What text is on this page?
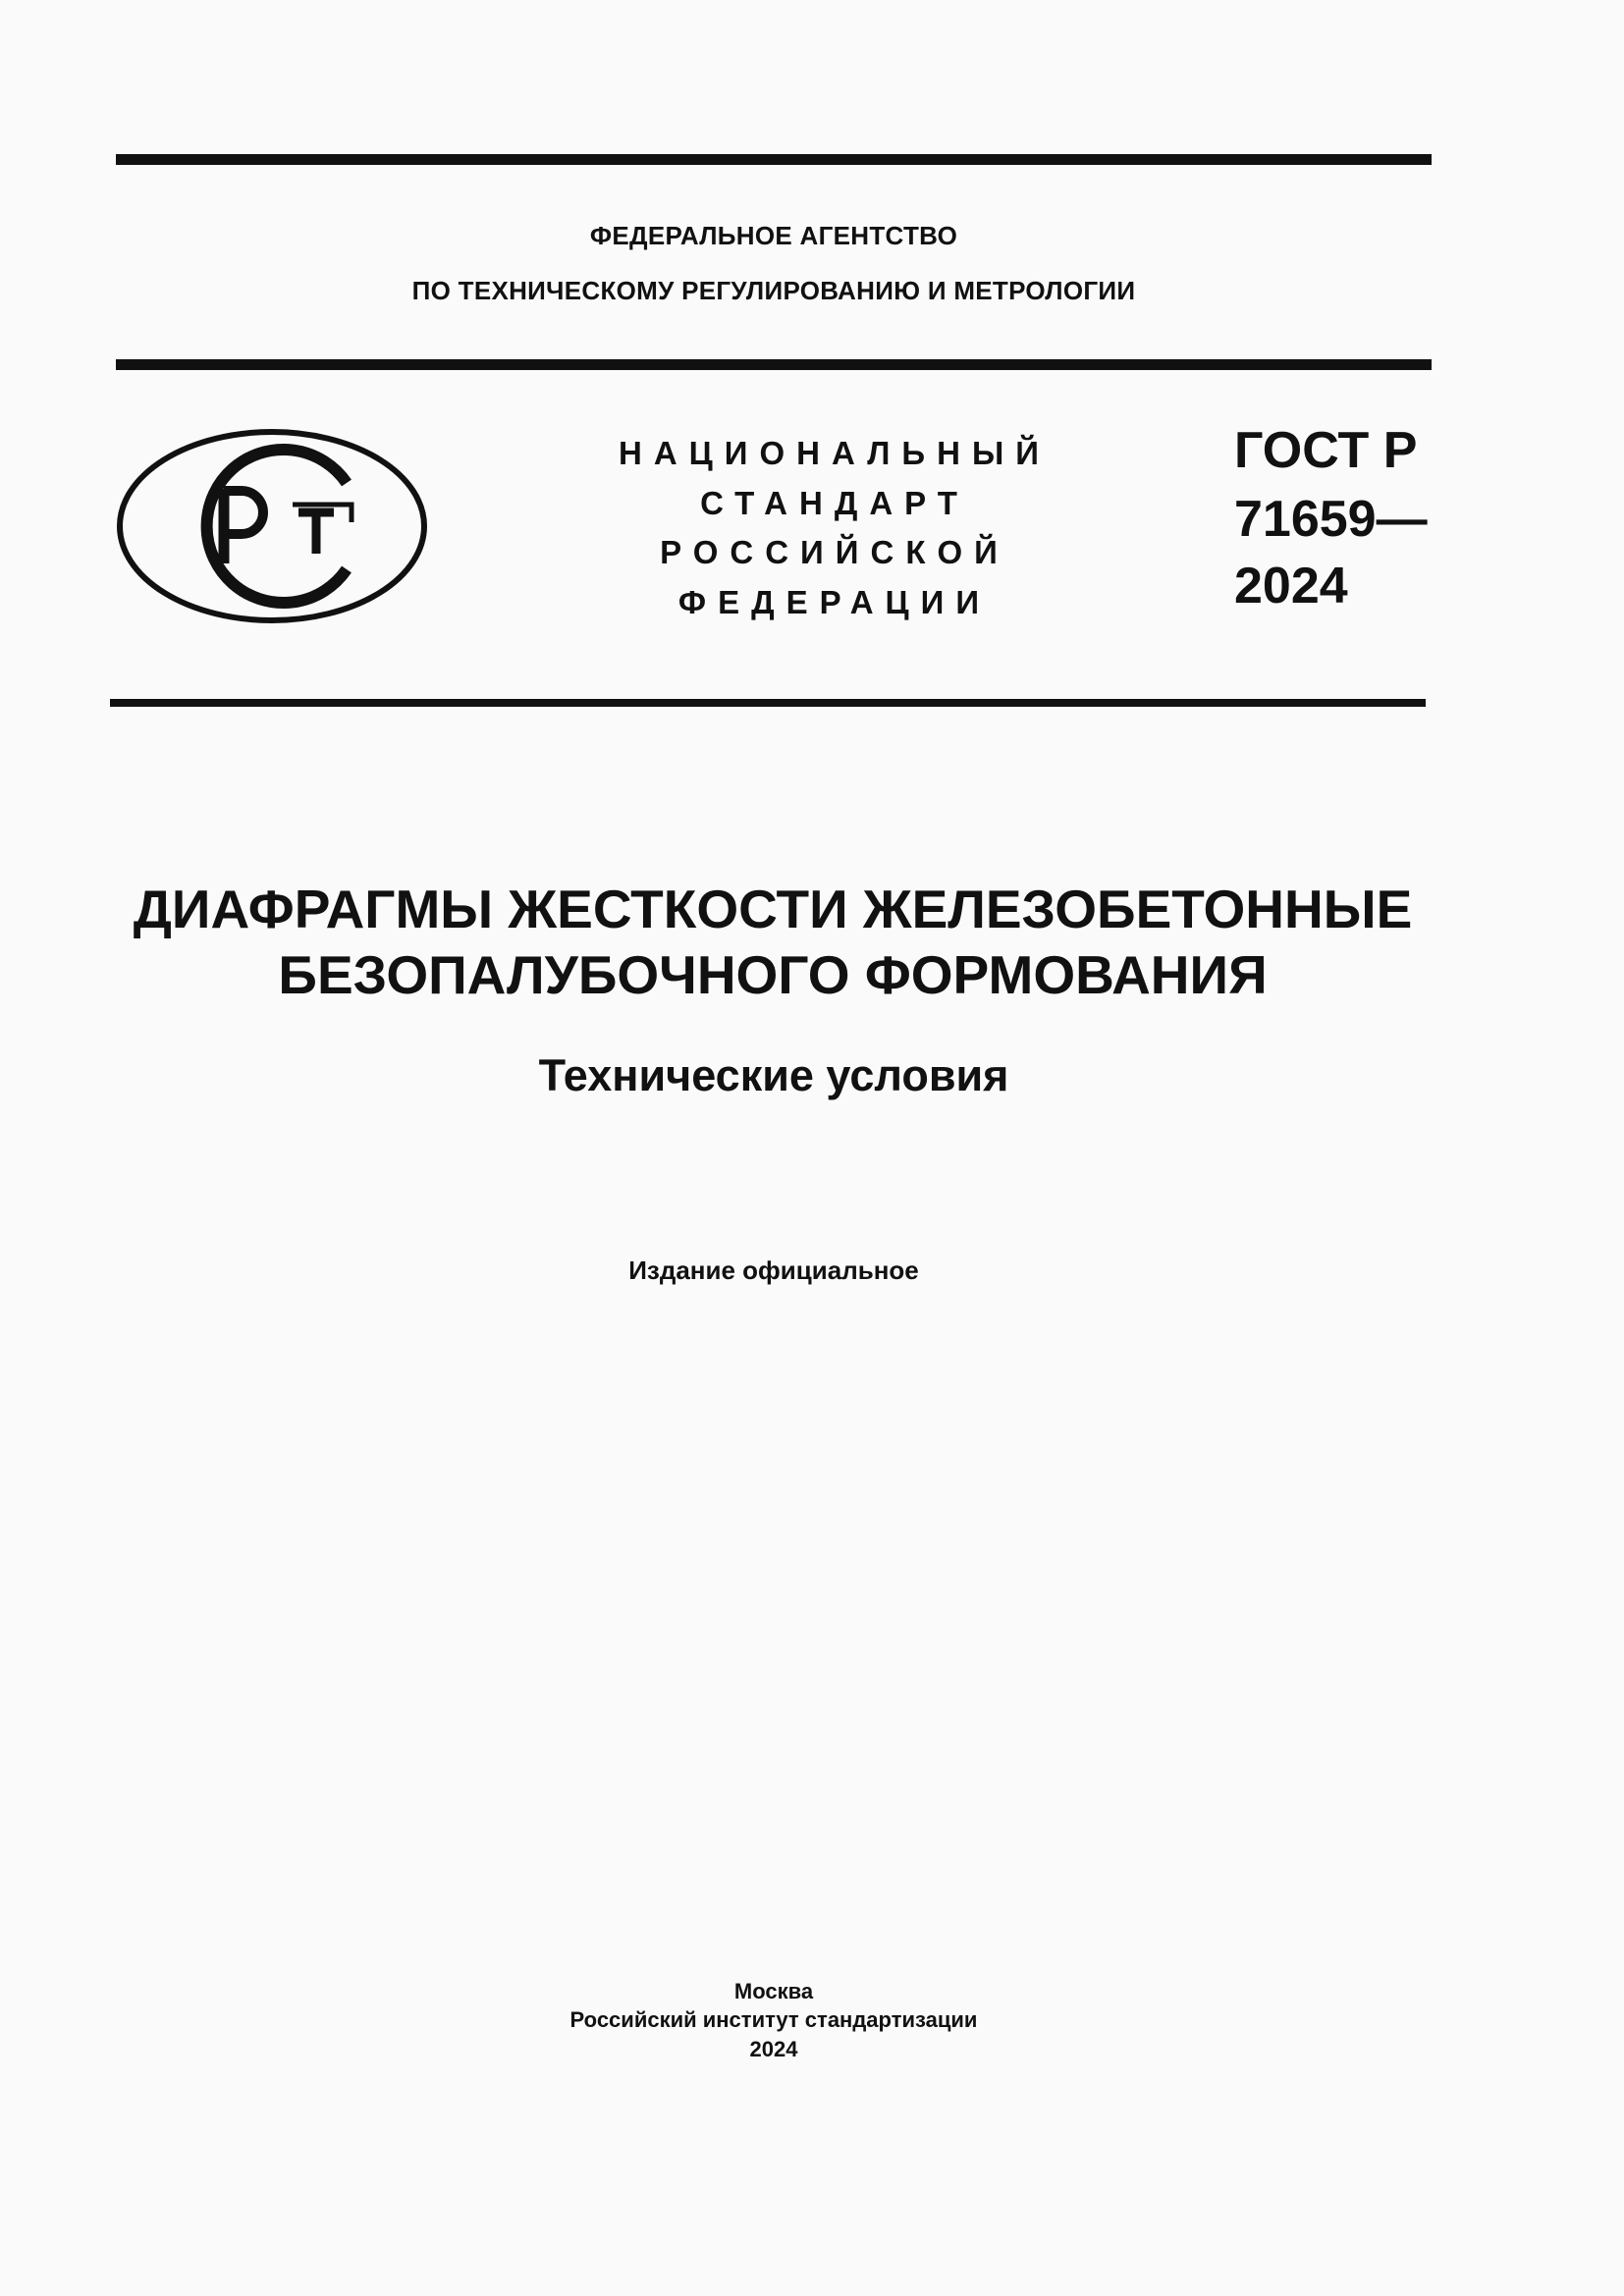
ФЕДЕРАЛЬНОЕ АГЕНТСТВО
ПО ТЕХНИЧЕСКОМУ РЕГУЛИРОВАНИЮ И МЕТРОЛОГИИ
НАЦИОНАЛЬНЫЙ
СТАНДАРТ
РОССИЙСКОЙ
ФЕДЕРАЦИИ
ГОСТ Р
71659—
2024
ДИАФРАГМЫ ЖЕСТКОСТИ ЖЕЛЕЗОБЕТОННЫЕ
БЕЗОПАЛУБОЧНОГО ФОРМОВАНИЯ
Технические условия
Издание официальное
Москва
Российский институт стандартизации
2024
